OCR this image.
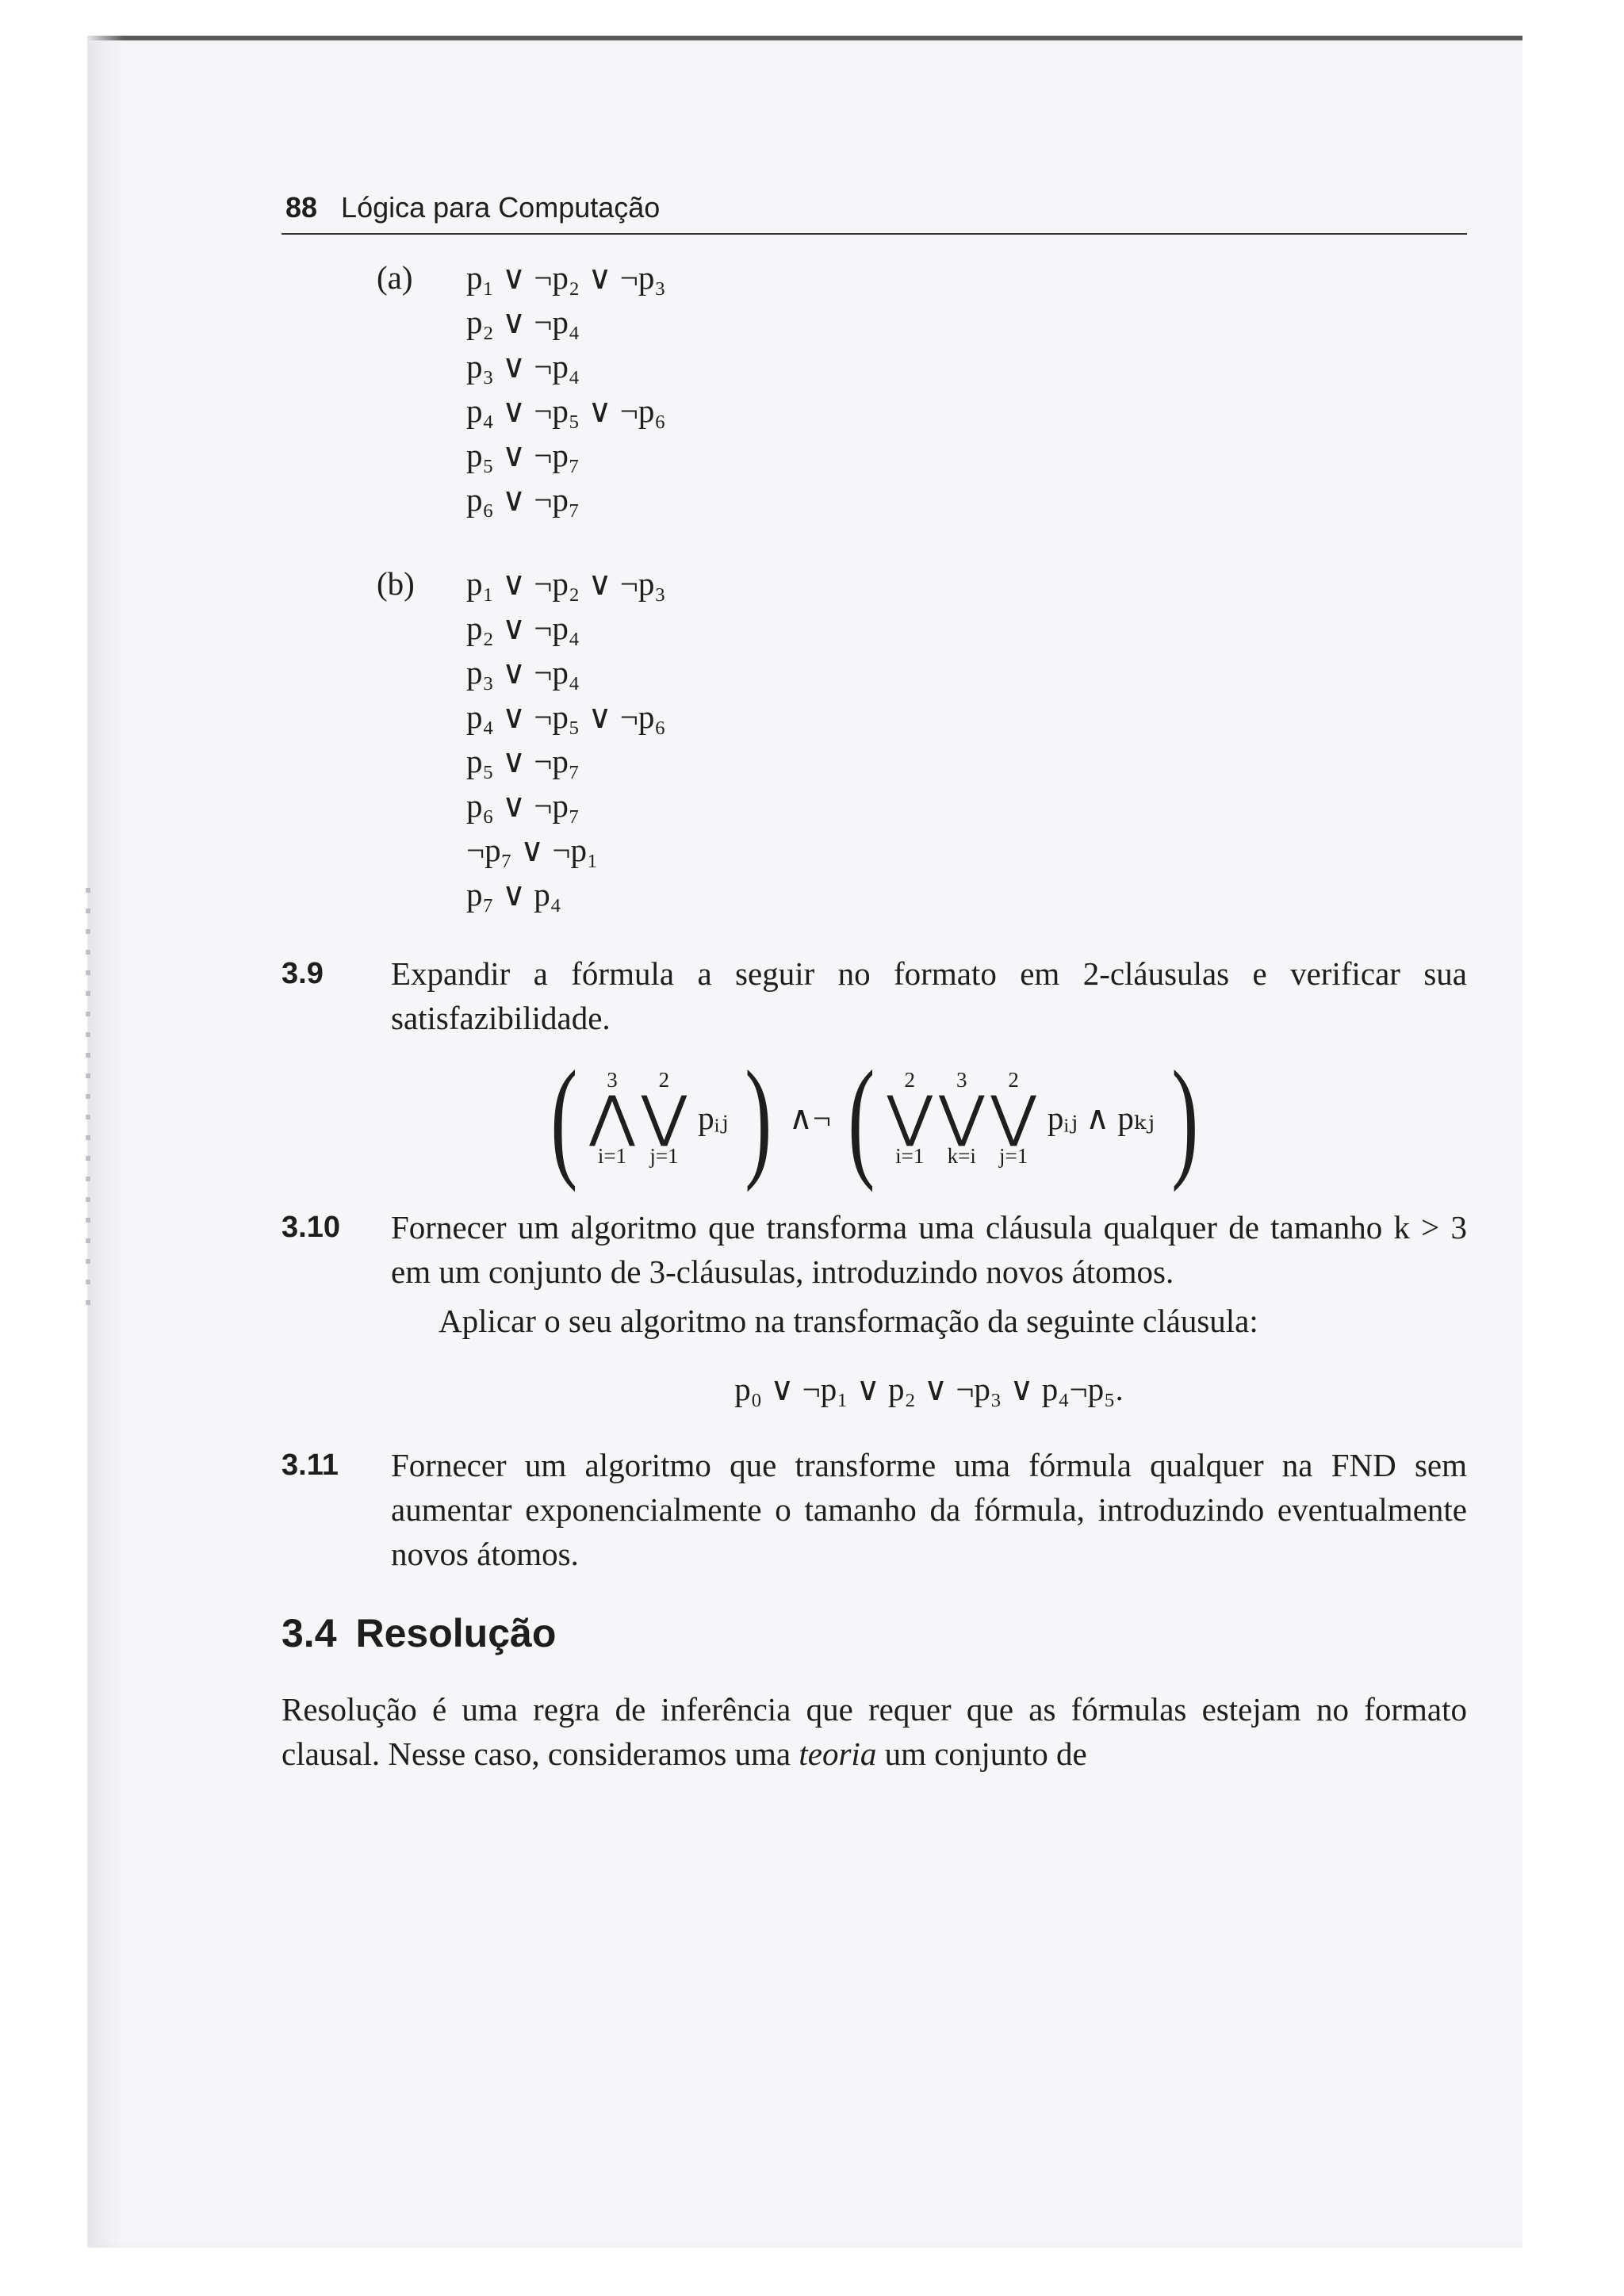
88 Lógica para Computação
(a) p₁ ∨ ¬p₂ ∨ ¬p₃
p₂ ∨ ¬p₄
p₃ ∨ ¬p₄
p₄ ∨ ¬p₅ ∨ ¬p₆
p₅ ∨ ¬p₇
p₆ ∨ ¬p₇
(b) p₁ ∨ ¬p₂ ∨ ¬p₃
p₂ ∨ ¬p₄
p₃ ∨ ¬p₄
p₄ ∨ ¬p₅ ∨ ¬p₆
p₅ ∨ ¬p₇
p₆ ∨ ¬p₇
¬p₇ ∨ ¬p₁
p₇ ∨ p₄
3.9 Expandir a fórmula a seguir no formato em 2-cláusulas e verificar sua satisfazibilidade.

( 3
⋀
i=1
2
⋁
j=1
pᵢⱼ ) ∧¬ ( 2
⋁
i=1
3
⋁
k=i
2
⋁
j=1
pᵢⱼ ∧ pₖⱼ )
3.10 Fornecer um algoritmo que transforma uma cláusula qualquer de tamanho k > 3 em um conjunto de 3-cláusulas, introduzindo novos átomos.

Aplicar o seu algoritmo na transformação da seguinte cláusula:

p₀ ∨ ¬p₁ ∨ p₂ ∨ ¬p₃ ∨ p₄¬p₅.
3.11 Fornecer um algoritmo que transforme uma fórmula qualquer na FND sem aumentar exponencialmente o tamanho da fórmula, introduzindo eventualmente novos átomos.

3.4 Resolução

Resolução é uma regra de inferência que requer que as fórmulas estejam no formato clausal. Nesse caso, consideramos uma teoria um conjunto de
